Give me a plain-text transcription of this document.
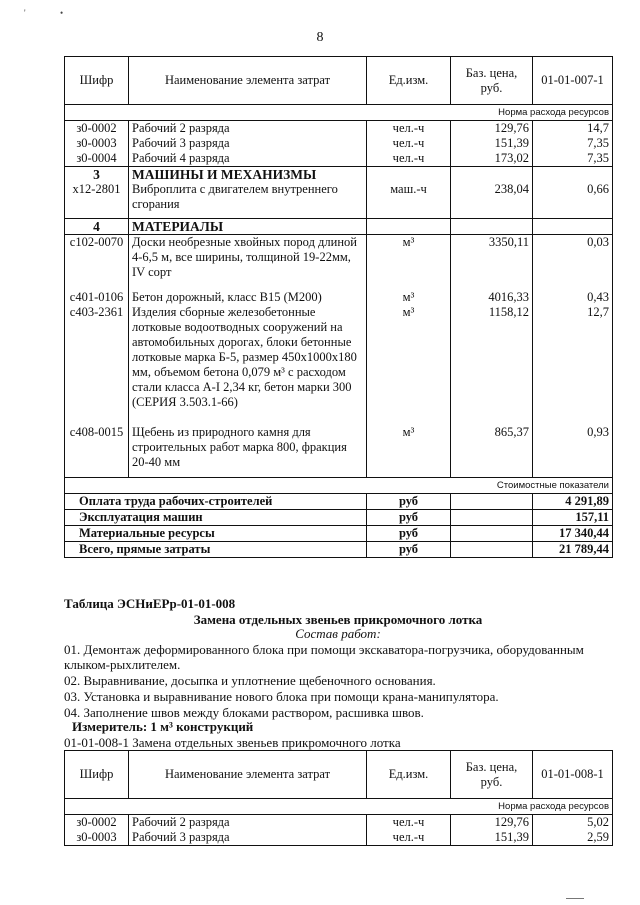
'	•
8
Шифр	Наименование элемента затрат	Ед.изм.	Баз. цена, руб.	01-01-007-1
Норма расхода ресурсов				
з0-0002	Рабочий 2 разряда	чел.-ч	129,76	14,7
з0-0003	Рабочий 3 разряда	чел.-ч	151,39	7,35
з0-0004	Рабочий 4 разряда	чел.-ч	173,02	7,35
3	МАШИНЫ И МЕХАНИЗМЫ			
х12-2801	Виброплита с двигателем внутреннего сгорания	маш.-ч	238,04	0,66
4	МАТЕРИАЛЫ			
с102-0070	Доски необрезные хвойных пород длиной 4-6,5 м, все ширины, толщиной 19-22мм, IV сорт	м³	3350,11	0,03
с401-0106	Бетон дорожный, класс В15 (М200)	м³	4016,33	0,43
с403-2361	Изделия сборные железобетонные лотковые водоотводных сооружений на автомобильных дорогах, блоки бетонные лотковые марка Б-5, размер 450х1000х180 мм, объемом бетона 0,079 м³ с расходом стали класса А-I 2,34 кг, бетон марки 300 (СЕРИЯ 3.503.1-66)	м³	1158,12	12,7
с408-0015	Щебень из природного камня для строительных работ марка 800, фракция 20-40 мм	м³	865,37	0,93
Стоимостные показатели				
Оплата труда рабочих-строителей		руб		4 291,89
Эксплуатация машин		руб		157,11
Материальные ресурсы		руб		17 340,44
Всего, прямые затраты		руб		21 789,44
Таблица ЭСНиЕРр-01-01-008
Замена отдельных звеньев прикромочного лотка
Состав работ:
01. Демонтаж деформированного блока при помощи экскаватора-погрузчика, оборудованным
клыком-рыхлителем.
02. Выравнивание, досыпка и уплотнение щебеночного основания.
03. Установка и выравнивание нового блока при помощи крана-манипулятора.
04. Заполнение швов между блоками раствором, расшивка швов.
Измеритель: 1 м³ конструкций
01-01-008-1 Замена отдельных звеньев прикромочного лотка
Шифр	Наименование элемента затрат	Ед.изм.	Баз. цена, руб.	01-01-008-1
Норма расхода ресурсов				
з0-0002	Рабочий 2 разряда	чел.-ч	129,76	5,02
з0-0003	Рабочий 3 разряда	чел.-ч	151,39	2,59
